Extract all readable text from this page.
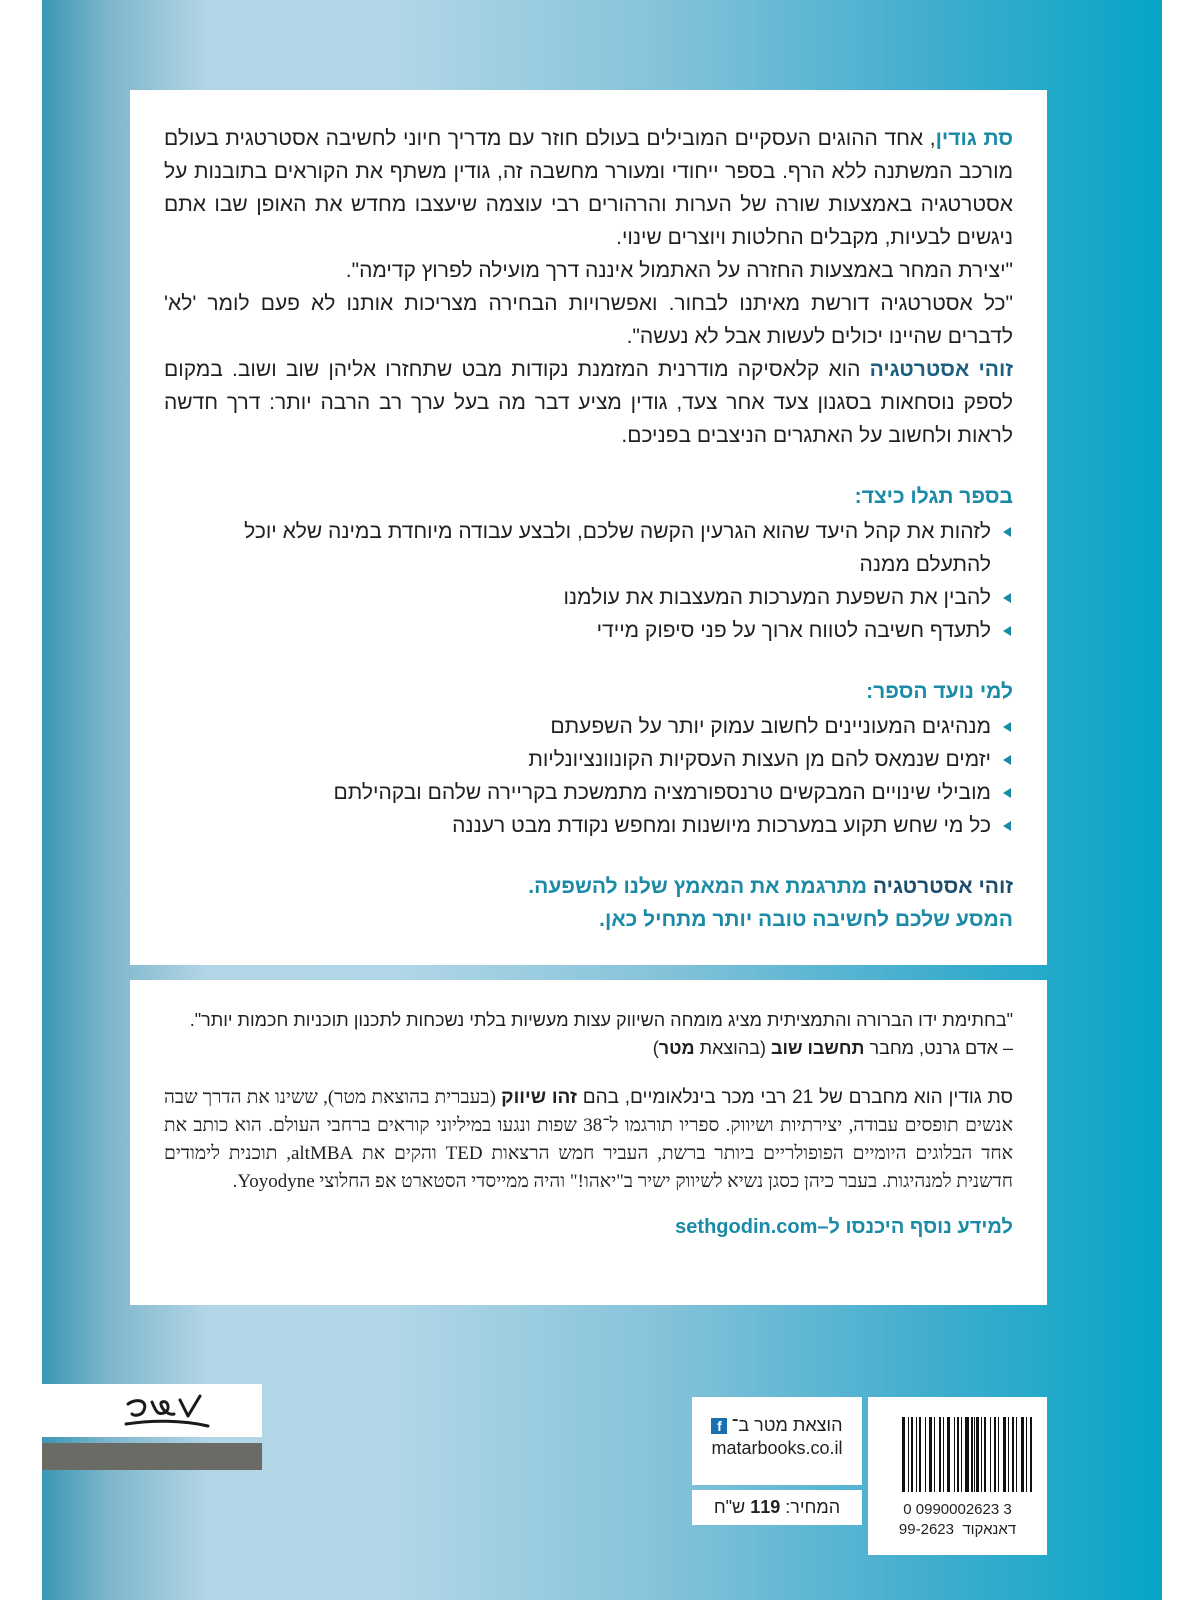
סת גודין, אחד ההוגים העסקיים המובילים בעולם חוזר עם מדריך חיוני לחשיבה אסטרטגית בעולם מורכב המשתנה ללא הרף. בספר ייחודי ומעורר מחשבה זה, גודין משתף את הקוראים בתובנות על אסטרטגיה באמצעות שורה של הערות והרהורים רבי עוצמה שיעצבו מחדש את האופן שבו אתם ניגשים לבעיות, מקבלים החלטות ויוצרים שינוי.

"יצירת המחר באמצעות החזרה על האתמול איננה דרך מועילה לפרוץ קדימה".

"כל אסטרטגיה דורשת מאיתנו לבחור. ואפשרויות הבחירה מצריכות אותנו לא פעם לומר 'לא' לדברים שהיינו יכולים לעשות אבל לא נעשה".

זוהי אסטרטגיה הוא קלאסיקה מודרנית המזמנת נקודות מבט שתחזרו אליהן שוב ושוב. במקום לספק נוסחאות בסגנון צעד אחר צעד, גודין מציע דבר מה בעל ערך רב הרבה יותר: דרך חדשה לראות ולחשוב על האתגרים הניצבים בפניכם.

בספר תגלו כיצד:
לזהות את קהל היעד שהוא הגרעין הקשה שלכם, ולבצע עבודה מיוחדת במינה שלא יוכל להתעלם ממנה
להבין את השפעת המערכות המעצבות את עולמנו
לתעדף חשיבה לטווח ארוך על פני סיפוק מיידי
למי נועד הספר:
מנהיגים המעוניינים לחשוב עמוק יותר על השפעתם
יזמים שנמאס להם מן העצות העסקיות הקונוונציונליות
מובילי שינויים המבקשים טרנספורמציה מתמשכת בקריירה שלהם ובקהילתם
כל מי שחש תקוע במערכות מיושנות ומחפש נקודת מבט רעננה
זוהי אסטרטגיה מתרגמת את המאמץ שלנו להשפעה.
המסע שלכם לחשיבה טובה יותר מתחיל כאן.

"בחתימת ידו הברורה והתמציתית מציג מומחה השיווק עצות מעשיות בלתי נשכחות לתכנון תוכניות חכמות יותר".

– אדם גרנט, מחבר תחשבו שוב (בהוצאת מטר)

סת גודין הוא מחברם של 21 רבי מכר בינלאומיים, בהם זהו שיווק (בעברית בהוצאת מטר), ששינו את הדרך שבה אנשים תופסים עבודה, יצירתיות ושיווק. ספריו תורגמו ל־38 שפות ונגעו במיליוני קוראים ברחבי העולם. הוא כותב את אחד הבלוגים היומיים הפופולריים ביותר ברשת, העביר חמש הרצאות TED והקים את altMBA, תוכנית לימודים חדשנית למנהיגות. בעבר כיהן כסגן נשיא לשיווק ישיר ב"יאהו!" והיה ממייסדי הסטארט אפ החלוצי Yoyodyne.

למידע נוסף היכנסו ל–sethgodin.com
הוצאת מטר ב־
f
matarbooks.co.il
המחיר: 119 ש"ח	0 0990002623 3
דאנאקוד  99-2623
